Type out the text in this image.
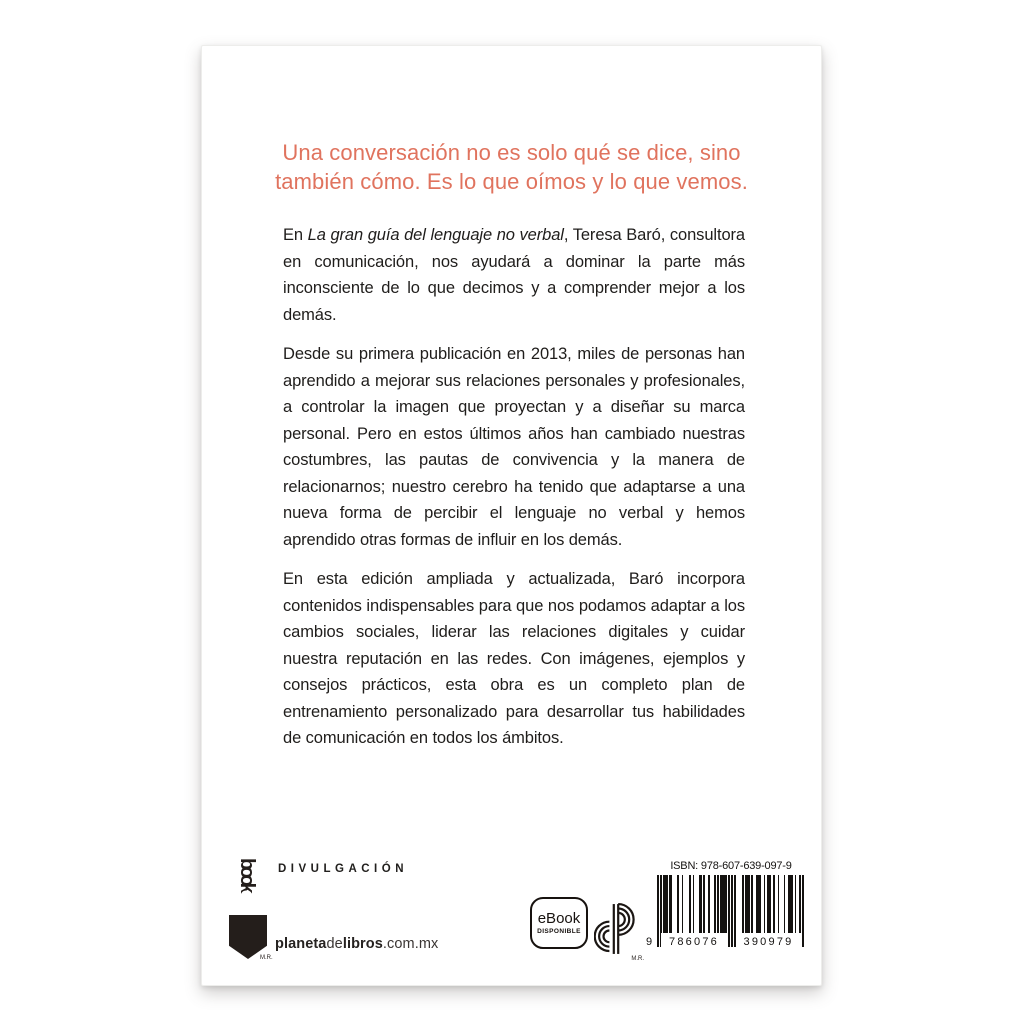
Una conversación no es solo qué se dice, sino también cómo. Es lo que oímos y lo que vemos.

En La gran guía del lenguaje no verbal, Teresa Baró, consultora en comunicación, nos ayudará a dominar la parte más inconsciente de lo que decimos y a comprender mejor a los demás.

Desde su primera publicación en 2013, miles de personas han aprendido a mejorar sus relaciones personales y profesionales, a controlar la imagen que proyectan y a diseñar su marca personal. Pero en estos últimos años han cambiado nuestras costumbres, las pautas de convivencia y la manera de relacionarnos; nuestro cerebro ha tenido que adaptarse a una nueva forma de percibir el lenguaje no verbal y hemos aprendido otras formas de influir en los demás.

En esta edición ampliada y actualizada, Baró incorpora contenidos indispensables para que nos podamos adaptar a los cambios sociales, liderar las relaciones digitales y cuidar nuestra reputación en las redes. Con imágenes, ejemplos y consejos prácticos, esta obra es un completo plan de entrenamiento personalizado para desarrollar tus habilidades de comunicación en todos los ámbitos.

booket
M.R.
DIVULGACIÓN
planetadelibros.com.mx
eBook
DISPONIBLE
M.R.
ISBN: 978-607-639-097-9
9	786076	390979
